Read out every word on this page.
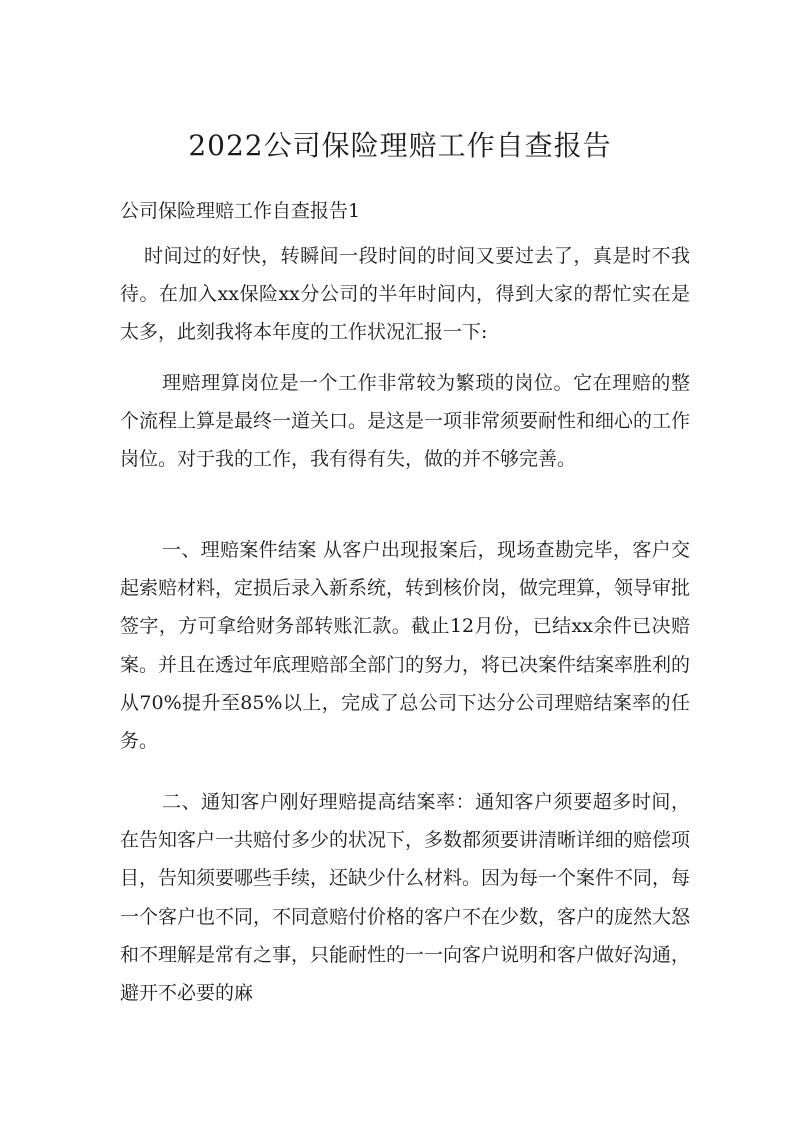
2022公司保险理赔工作自查报告
公司保险理赔工作自查报告1
时间过的好快，转瞬间一段时间的时间又要过去了，真是时不我待。在加入xx保险xx分公司的半年时间内，得到大家的帮忙实在是太多，此刻我将本年度的工作状况汇报一下:
理赔理算岗位是一个工作非常较为繁琐的岗位。它在理赔的整个流程上算是最终一道关口。是这是一项非常须要耐性和细心的工作岗位。对于我的工作，我有得有失，做的并不够完善。
一、理赔案件结案 从客户出现报案后，现场查勘完毕，客户交起索赔材料，定损后录入新系统，转到核价岗，做完理算，领导审批签字，方可拿给财务部转账汇款。截止12月份，已结xx余件已决赔案。并且在透过年底理赔部全部门的努力，将已决案件结案率胜利的从70%提升至85%以上，完成了总公司下达分公司理赔结案率的任务。
二、通知客户刚好理赔提高结案率：通知客户须要超多时间，在告知客户一共赔付多少的状况下，多数都须要讲清晰详细的赔偿项目，告知须要哪些手续，还缺少什么材料。因为每一个案件不同，每一个客户也不同，不同意赔付价格的客户不在少数，客户的庞然大怒和不理解是常有之事，只能耐性的一一向客户说明和客户做好沟通，避开不必要的麻
